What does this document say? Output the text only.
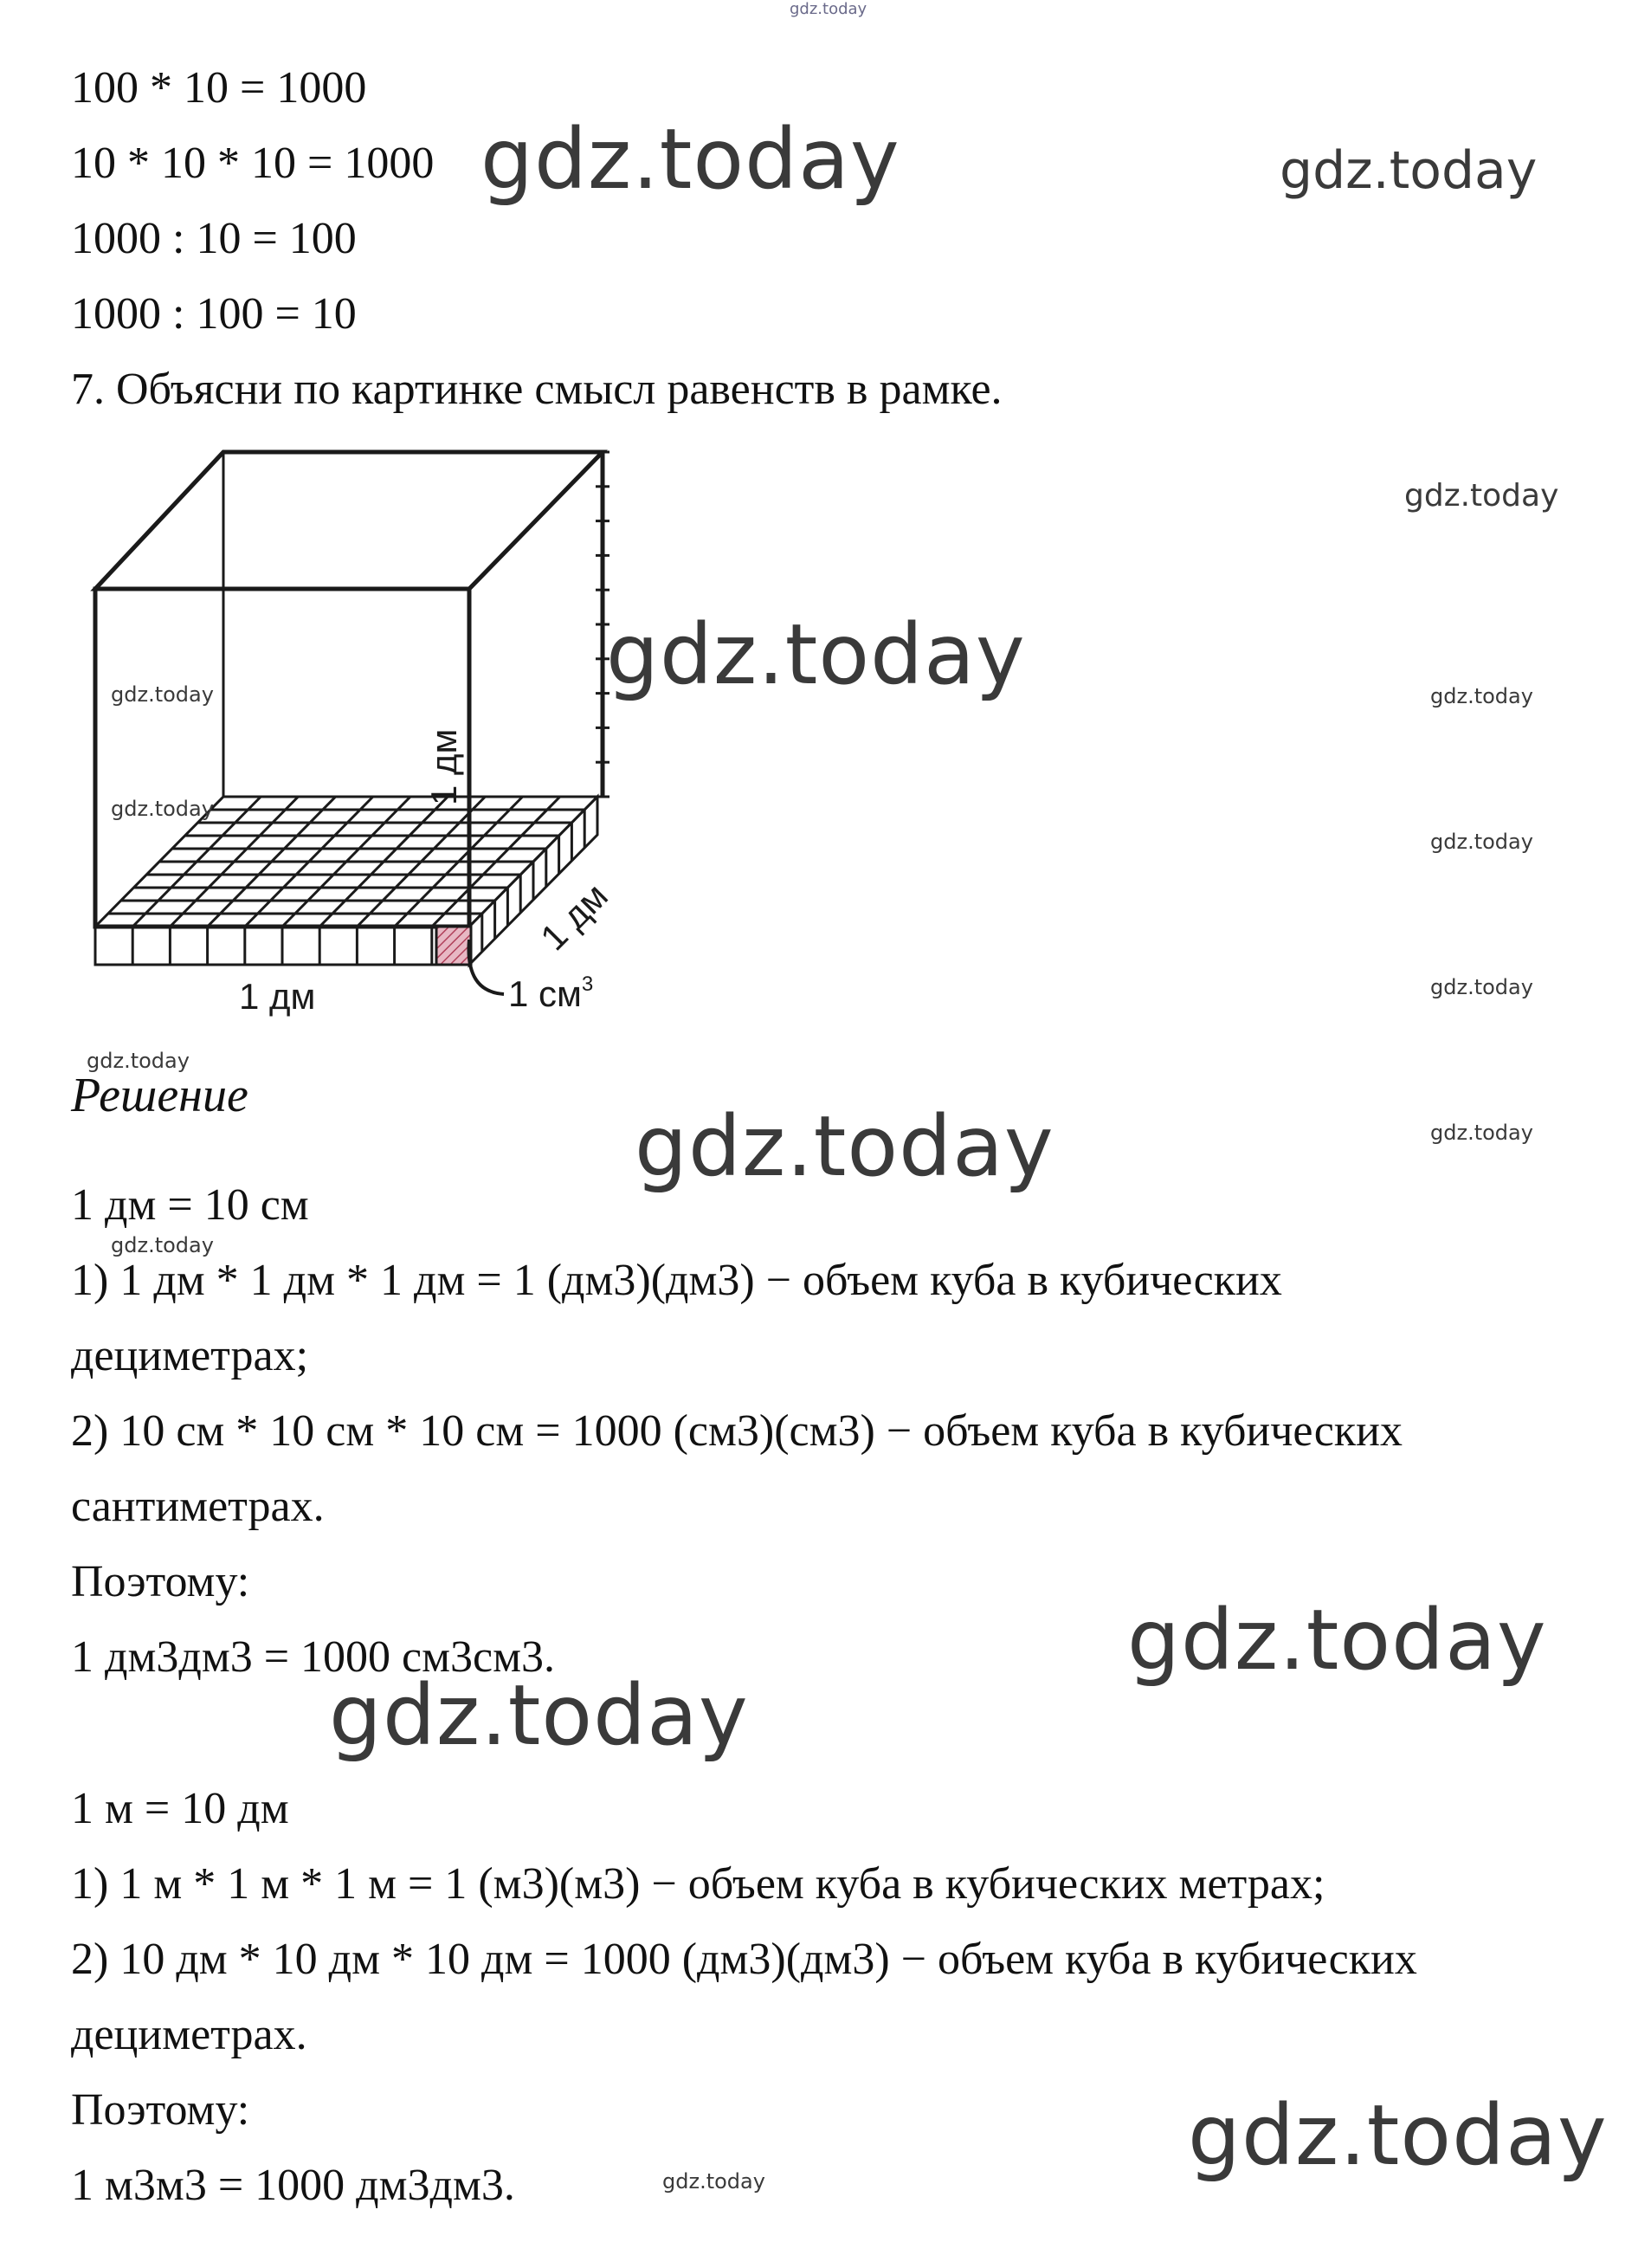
gdz.today
100 * 10 = 1000
10 * 10 * 10 = 1000
1000 : 10 = 100
1000 : 100 = 10
7. Объясни по картинке смысл равенств в рамке.
1 дм
1 дм
1 дм	1 $см^3$
Решение
1 дм = 10 см
1) 1 дм * 1 дм * 1 дм = 1 (дм3)(дм3) − объем куба в кубических
дециметрах;
2) 10 см * 10 см * 10 см = 1000 (см3)(см3) − объем куба в кубических
сантиметрах.
Поэтому:
1 дм3дм3 = 1000 см3см3.
1 м = 10 дм
1) 1 м * 1 м * 1 м = 1 (м3)(м3) − объем куба в кубических метрах;
2) 10 дм * 10 дм * 10 дм = 1000 (дм3)(дм3) − объем куба в кубических
дециметрах.
Поэтому:
1 м3м3 = 1000 дм3дм3.
gdz.today	gdz.today
gdz.today
gdz.today
gdz.today	gdz.today
gdz.today
gdz.today
gdz.today
gdz.today
gdz.today	gdz.today
gdz.today
gdz.today
gdz.today
gdz.today
gdz.today
